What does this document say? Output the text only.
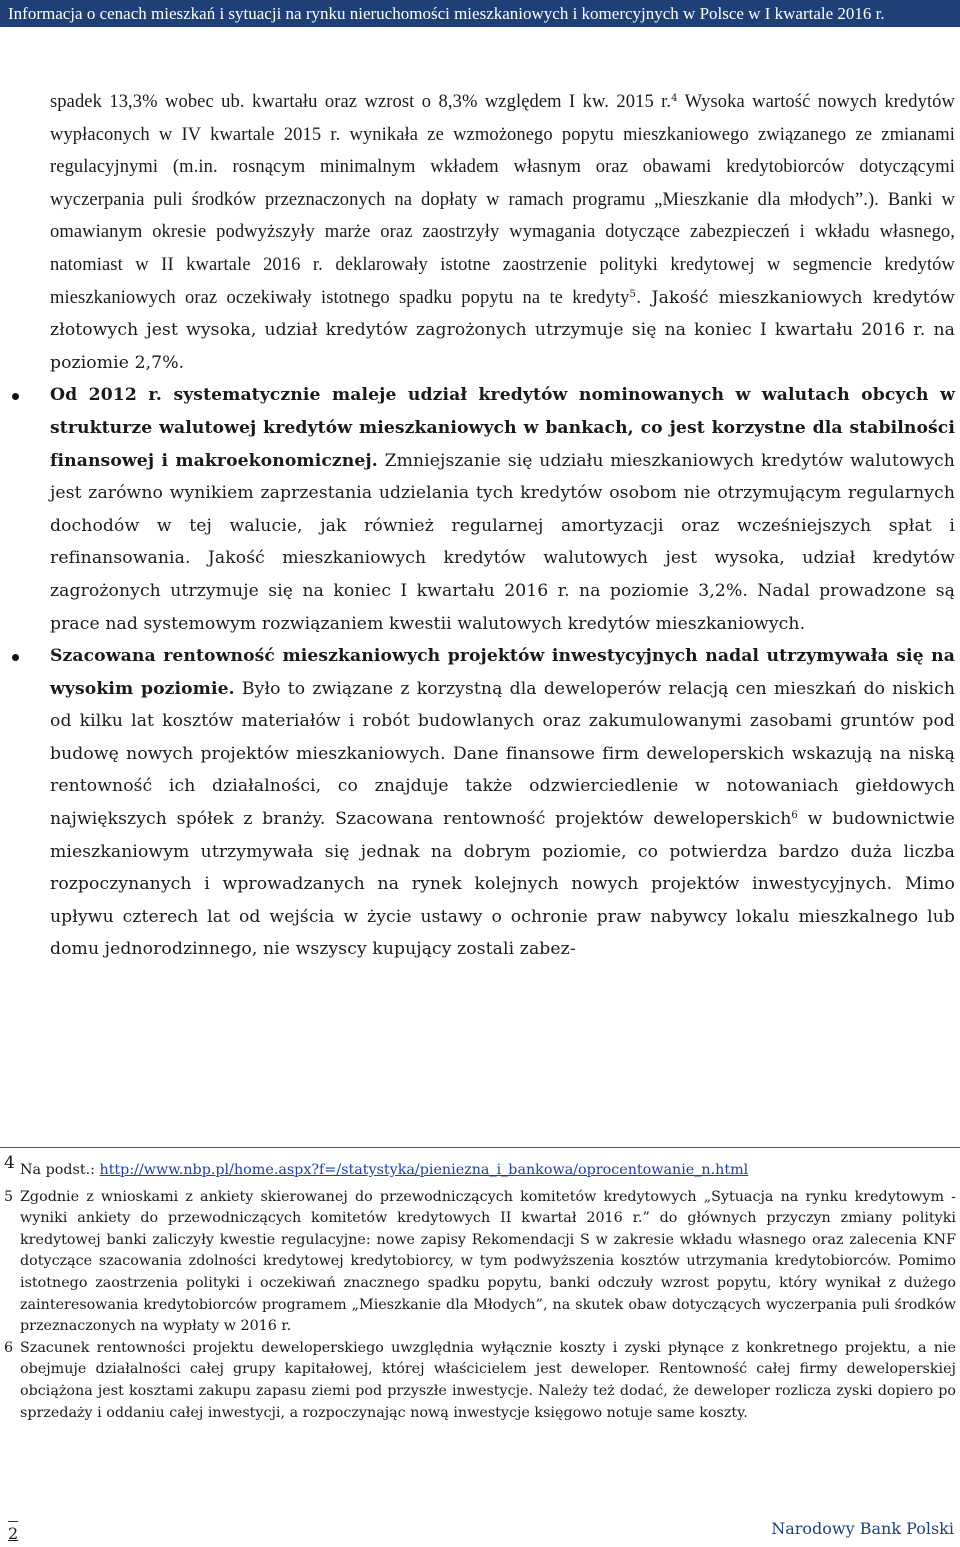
Informacja o cenach mieszkań i sytuacji na rynku nieruchomości mieszkaniowych i komercyjnych w Polsce w I kwartale 2016 r.

spadek 13,3% wobec ub. kwartału oraz wzrost o 8,3% względem I kw. 2015 r.$^4$ Wysoka wartość nowych kredytów wypłaconych w IV kwartale 2015 r. wynikała ze wzmożonego popytu mieszkaniowego związanego ze zmianami regulacyjnymi (m.in. rosnącym minimalnym wkładem własnym oraz obawami kredytobiorców dotyczącymi wyczerpania puli środków przeznaczonych na dopłaty w ramach programu „Mieszkanie dla młodych”.). Banki w omawianym okresie podwyższyły marże oraz zaostrzyły wymagania dotyczące zabezpieczeń i wkładu własnego, natomiast w II kwartale 2016 r. deklarowały istotne zaostrzenie polityki kredytowej w segmencie kredytów mieszkaniowych oraz oczekiwały istotnego spadku popytu na te kredyty$^5$. Jakość mieszkaniowych kredytów złotowych jest wysoka, udział kredytów zagrożonych utrzymuje się na koniec I kwartału 2016 r. na poziomie 2,7%.

Od 2012 r. systematycznie maleje udział kredytów nominowanych w walutach obcych w strukturze walutowej kredytów mieszkaniowych w bankach, co jest korzystne dla stabilności finansowej i makroekonomicznej. Zmniejszanie się udziału mieszkaniowych kredytów walutowych jest zarówno wynikiem zaprzestania udzielania tych kredytów osobom nie otrzymującym regularnych dochodów w tej walucie, jak również regularnej amortyzacji oraz wcześniejszych spłat i refinansowania. Jakość mieszkaniowych kredytów walutowych jest wysoka, udział kredytów zagrożonych utrzymuje się na koniec I kwartału 2016 r. na poziomie 3,2%. Nadal prowadzone są prace nad systemowym rozwiązaniem kwestii walutowych kredytów mieszkaniowych.

Szacowana rentowność mieszkaniowych projektów inwestycyjnych nadal utrzymywała się na wysokim poziomie. Było to związane z korzystną dla deweloperów relacją cen mieszkań do niskich od kilku lat kosztów materiałów i robót budowlanych oraz zakumulowanymi zasobami gruntów pod budowę nowych projektów mieszkaniowych. Dane finansowe firm deweloperskich wskazują na niską rentowność ich działalności, co znajduje także odzwierciedlenie w notowaniach giełdowych największych spółek z branży. Szacowana rentowność projektów deweloperskich$^6$ w budownictwie mieszkaniowym utrzymywała się jednak na dobrym poziomie, co potwierdza bardzo duża liczba rozpoczynanych i wprowadzanych na rynek kolejnych nowych projektów inwestycyjnych. Mimo upływu czterech lat od wejścia w życie ustawy o ochronie praw nabywcy lokalu mieszkalnego lub domu jednorodzinnego, nie wszyscy kupujący zostali zabez-

4 Na podst.: http://www.nbp.pl/home.aspx?f=/statystyka/pieniezna_i_bankowa/oprocentowanie_n.html

5 Zgodnie z wnioskami z ankiety skierowanej do przewodniczących komitetów kredytowych „Sytuacja na rynku kredytowym - wyniki ankiety do przewodniczących komitetów kredytowych II kwartał 2016 r.” do głównych przyczyn zmiany polityki kredytowej banki zaliczyły kwestie regulacyjne: nowe zapisy Rekomendacji S w zakresie wkładu własnego oraz zalecenia KNF dotyczące szacowania zdolności kredytowej kredytobiorcy, w tym podwyższenia kosztów utrzymania kredytobiorców. Pomimo istotnego zaostrzenia polityki i oczekiwań znacznego spadku popytu, banki odczuły wzrost popytu, który wynikał z dużego zainteresowania kredytobiorców programem „Mieszkanie dla Młodych”, na skutek obaw dotyczących wyczerpania puli środków przeznaczonych na wypłaty w 2016 r.

6 Szacunek rentowności projektu deweloperskiego uwzględnia wyłącznie koszty i zyski płynące z konkretnego projektu, a nie obejmuje działalności całej grupy kapitałowej, której właścicielem jest deweloper. Rentowność całej firmy deweloperskiej obciążona jest kosztami zakupu zapasu ziemi pod przyszłe inwestycje. Należy też dodać, że deweloper rozlicza zyski dopiero po sprzedaży i oddaniu całej inwestycji, a rozpoczynając nową inwestycje księgowo notuje same koszty.

2	Narodowy Bank Polski
